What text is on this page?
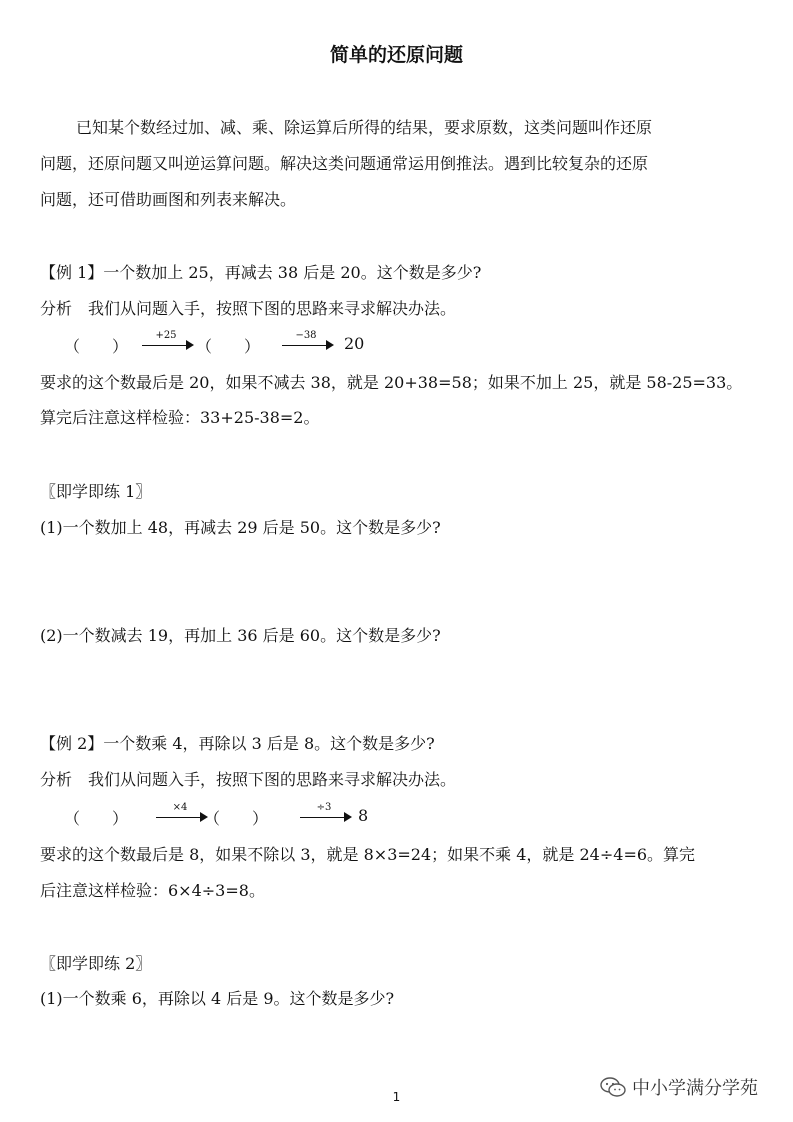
简单的还原问题
已知某个数经过加、减、乘、除运算后所得的结果，要求原数，这类问题叫作还原
问题，还原问题又叫逆运算问题。解决这类问题通常运用倒推法。遇到比较复杂的还原
问题，还可借助画图和列表来解决。
【例 1】一个数加上 25，再减去 38 后是 20。这个数是多少?
分析　我们从问题入手，按照下图的思路来寻求解决办法。
（　　）
+25
（　　）
−38	20
要求的这个数最后是 20，如果不减去 38，就是 20+38=58；如果不加上 25，就是 58-25=33。
算完后注意这样检验：33+25-38=2。
〖即学即练 1〗
(1)一个数加上 48，再减去 29 后是 50。这个数是多少?
(2)一个数减去 19，再加上 36 后是 60。这个数是多少?
【例 2】一个数乘 4，再除以 3 后是 8。这个数是多少?
分析　我们从问题入手，按照下图的思路来寻求解决办法。
（　　）
×4
（　　）
÷3	8
要求的这个数最后是 8，如果不除以 3，就是 8×3=24；如果不乘 4，就是 24÷4=6。算完
后注意这样检验：6×4÷3=8。
〖即学即练 2〗
(1)一个数乘 6，再除以 4 后是 9。这个数是多少?
1	中小学满分学苑
